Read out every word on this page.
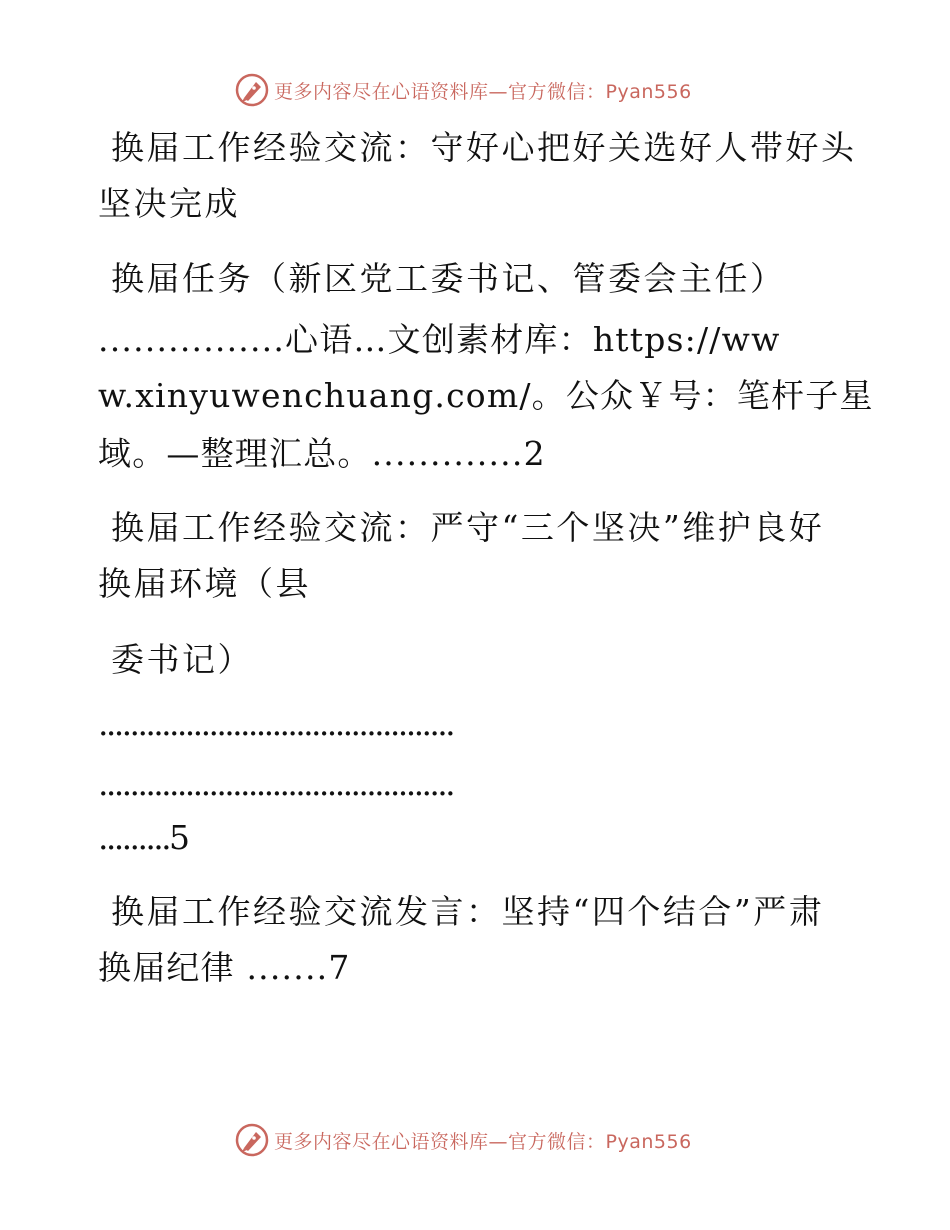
更多内容尽在心语资料库—官方微信：Pyan556
换届工作经验交流：守好心把好关选好人带好头
坚决完成
换届任务（新区党工委书记、管委会主任）
................心语…文创素材库：https://ww
w.xinyuwenchuang.com/。公众￥号：笔杆子星
域。—整理汇总。.............2
换届工作经验交流：严守“三个坚决”维护良好
换届环境（县
委书记）
.............................................
.............................................
.........5
换届工作经验交流发言：坚持“四个结合”严肃
换届纪律 .......7
更多内容尽在心语资料库—官方微信：Pyan556
